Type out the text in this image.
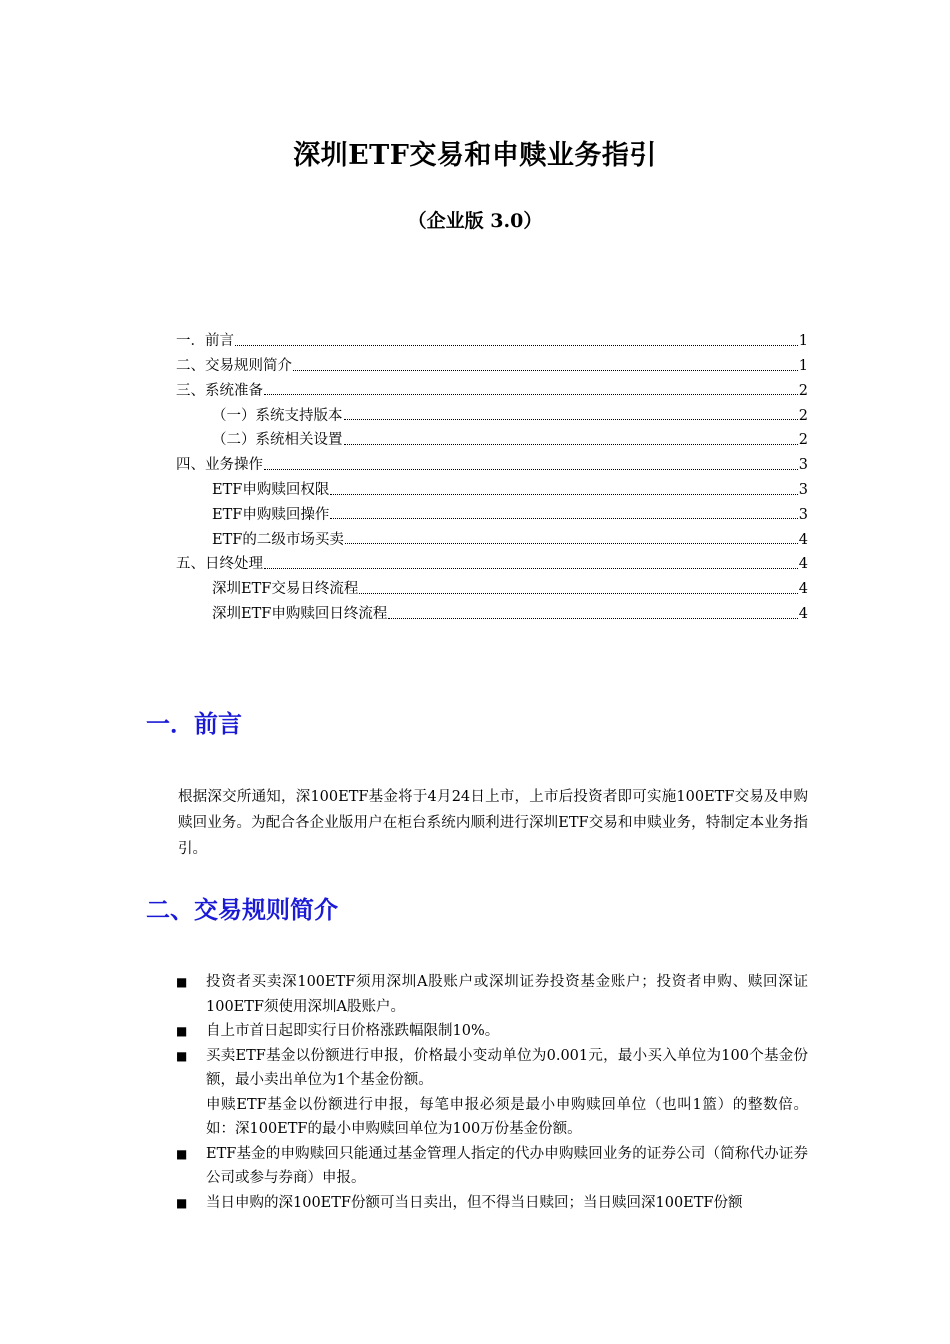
深圳ETF交易和申赎业务指引
（企业版 3.0）
一．前言	1
二、交易规则简介	1
三、系统准备	2
（一）系统支持版本	2
（二）系统相关设置	2
四、业务操作	3
ETF申购赎回权限	3
ETF申购赎回操作	3
ETF的二级市场买卖	4
五、日终处理	4
深圳ETF交易日终流程	4
深圳ETF申购赎回日终流程	4
一．前言
根据深交所通知，深100ETF基金将于4月24日上市，上市后投资者即可实施100ETF交易及申购赎回业务。为配合各企业版用户在柜台系统内顺利进行深圳ETF交易和申赎业务，特制定本业务指引。
二、交易规则简介
■ 投资者买卖深100ETF须用深圳A股账户或深圳证券投资基金账户；投资者申购、赎回深证100ETF须使用深圳A股账户。

■ 自上市首日起即实行日价格涨跌幅限制10%。

■ 买卖ETF基金以份额进行申报，价格最小变动单位为0.001元，最小买入单位为100个基金份额，最小卖出单位为1个基金份额。

申赎ETF基金以份额进行申报，每笔申报必须是最小申购赎回单位（也叫1篮）的整数倍。如：深100ETF的最小申购赎回单位为100万份基金份额。

■ ETF基金的申购赎回只能通过基金管理人指定的代办申购赎回业务的证券公司（简称代办证券公司或参与券商）申报。

■ 当日申购的深100ETF份额可当日卖出，但不得当日赎回；当日赎回深100ETF份额
